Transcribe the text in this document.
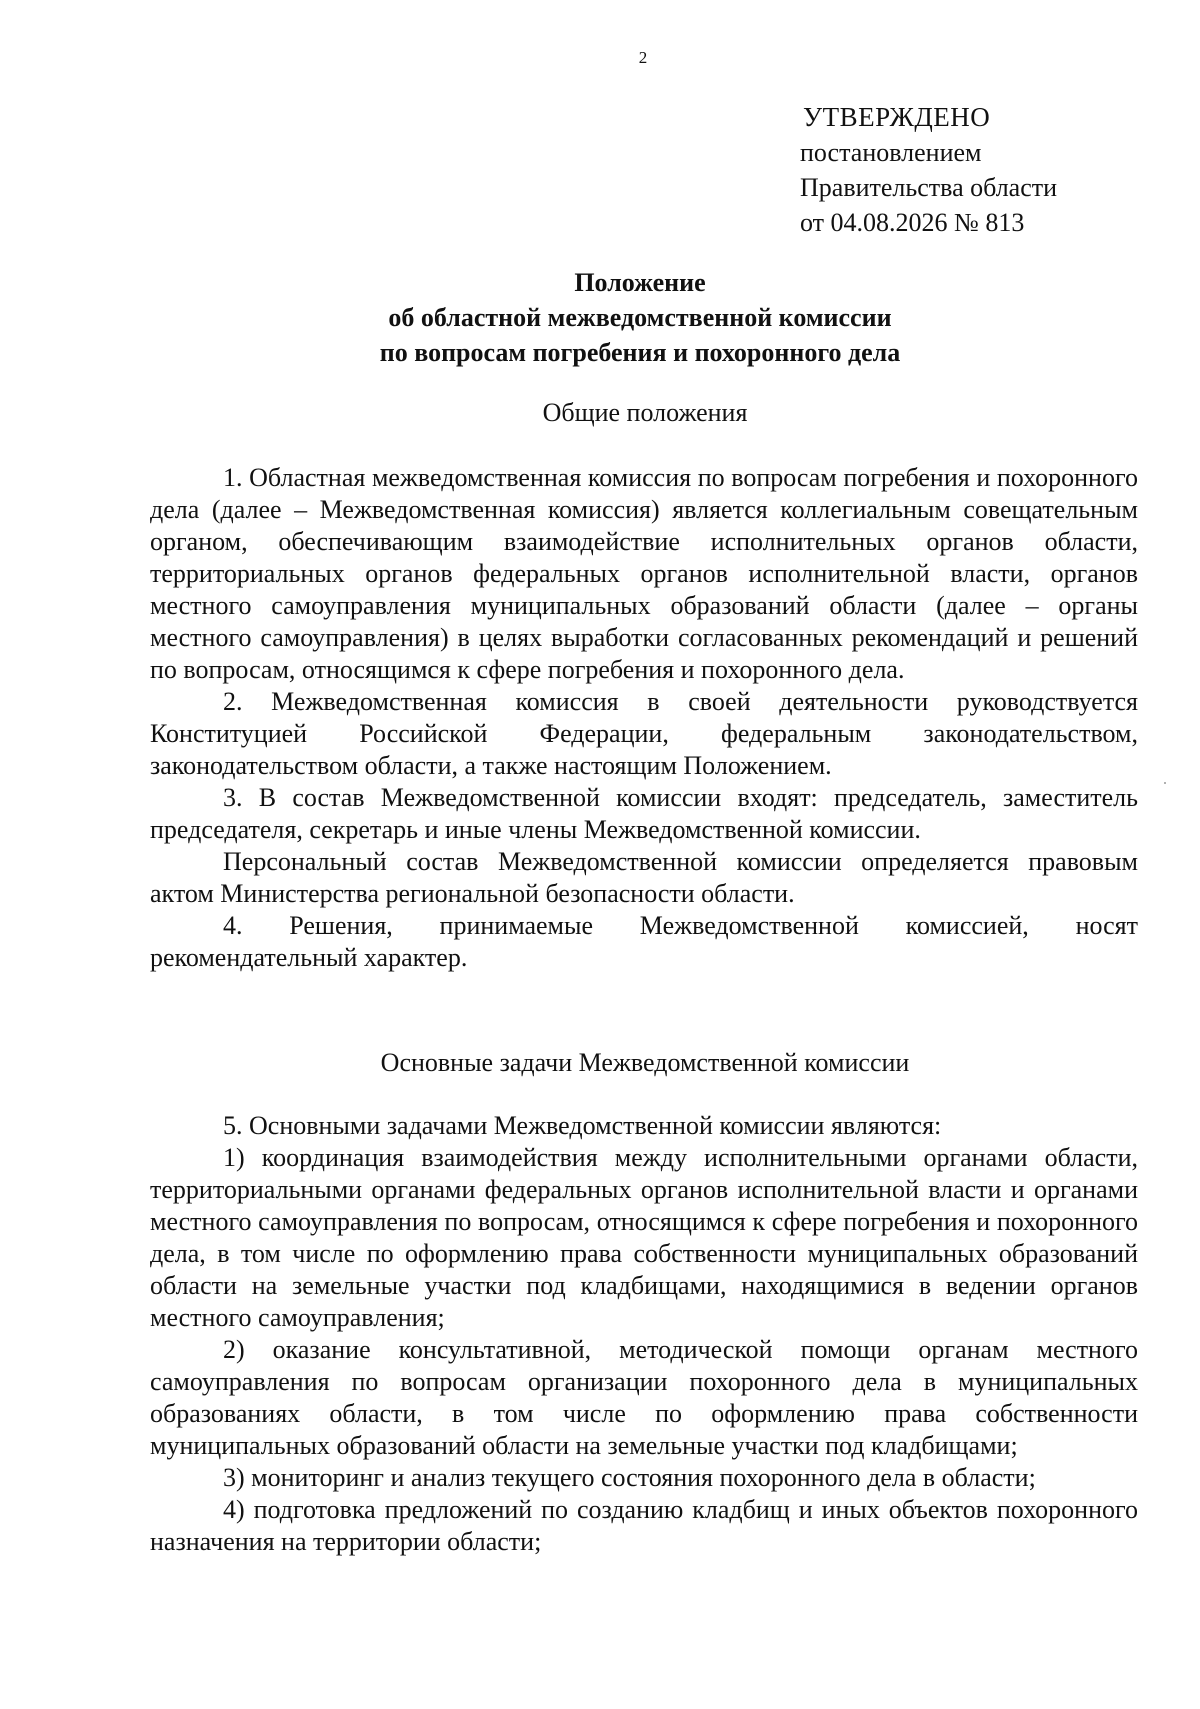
2
УТВЕРЖДЕНО
постановлением
Правительства области
от 04.08.2026 № 813
Положение
об областной межведомственной комиссии
по вопросам погребения и похоронного дела
Общие положения

1. Областная межведомственная комиссия по вопросам погребения и похоронного дела (далее – Межведомственная комиссия) является коллегиальным совещательным органом, обеспечивающим взаимодействие исполнительных органов области, территориальных органов федеральных органов исполнительной власти, органов местного самоуправления муниципальных образований области (далее – органы местного самоуправления) в целях выработки согласованных рекомендаций и решений по вопросам, относящимся к сфере погребения и похоронного дела.

2. Межведомственная комиссия в своей деятельности руководствуется Конституцией Российской Федерации, федеральным законодательством, законодательством области, а также настоящим Положением.

3. В состав Межведомственной комиссии входят: председатель, заместитель председателя, секретарь и иные члены Межведомственной комиссии.

Персональный состав Межведомственной комиссии определяется правовым актом Министерства региональной безопасности области.

4. Решения, принимаемые Межведомственной комиссией, носят рекомендательный характер.

Основные задачи Межведомственной комиссии

5. Основными задачами Межведомственной комиссии являются:

1) координация взаимодействия между исполнительными органами области, территориальными органами федеральных органов исполнительной власти и органами местного самоуправления по вопросам, относящимся к сфере погребения и похоронного дела, в том числе по оформлению права собственности муниципальных образований области на земельные участки под кладбищами, находящимися в ведении органов местного самоуправления;

2) оказание консультативной, методической помощи органам местного самоуправления по вопросам организации похоронного дела в муниципальных образованиях области, в том числе по оформлению права собственности муниципальных образований области на земельные участки под кладбищами;

3) мониторинг и анализ текущего состояния похоронного дела в области;

4) подготовка предложений по созданию кладбищ и иных объектов похоронного назначения на территории области;
